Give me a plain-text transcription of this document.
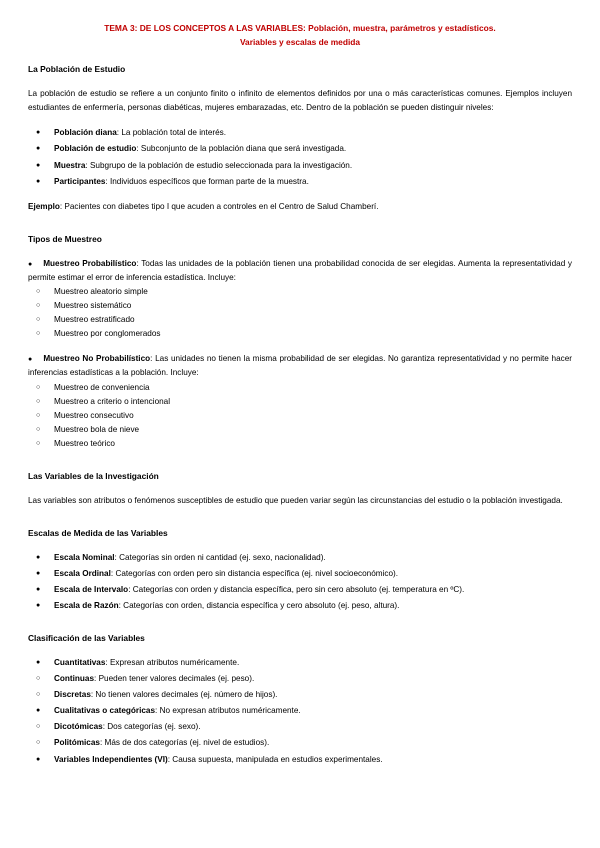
TEMA 3: DE LOS CONCEPTOS A LAS VARIABLES: Población, muestra, parámetros y estadísticos.
Variables y escalas de medida
La Población de Estudio

La población de estudio se refiere a un conjunto finito o infinito de elementos definidos por una o más características comunes. Ejemplos incluyen estudiantes de enfermería, personas diabéticas, mujeres embarazadas, etc. Dentro de la población se pueden distinguir niveles:

● Población diana: La población total de interés.
● Población de estudio: Subconjunto de la población diana que será investigada.
● Muestra: Subgrupo de la población de estudio seleccionada para la investigación.
● Participantes: Individuos específicos que forman parte de la muestra.

Ejemplo: Pacientes con diabetes tipo I que acuden a controles en el Centro de Salud Chamberí.

Tipos de Muestreo

● Muestreo Probabilístico: Todas las unidades de la población tienen una probabilidad conocida de ser elegidas. Aumenta la representatividad y permite estimar el error de inferencia estadística. Incluye:

○ Muestreo aleatorio simple
○ Muestreo sistemático
○ Muestreo estratificado
○ Muestreo por conglomerados

● Muestreo No Probabilístico: Las unidades no tienen la misma probabilidad de ser elegidas. No garantiza representatividad y no permite hacer inferencias estadísticas a la población. Incluye:

○ Muestreo de conveniencia
○ Muestreo a criterio o intencional
○ Muestreo consecutivo
○ Muestreo bola de nieve
○ Muestreo teórico
Las Variables de la Investigación

Las variables son atributos o fenómenos susceptibles de estudio que pueden variar según las circunstancias del estudio o la población investigada.

Escalas de Medida de las Variables
● Escala Nominal: Categorías sin orden ni cantidad (ej. sexo, nacionalidad).
● Escala Ordinal: Categorías con orden pero sin distancia específica (ej. nivel socioeconómico).
● Escala de Intervalo: Categorías con orden y distancia específica, pero sin cero absoluto (ej. temperatura en ºC).
● Escala de Razón: Categorías con orden, distancia específica y cero absoluto (ej. peso, altura).
Clasificación de las Variables
● Cuantitativas: Expresan atributos numéricamente.
○ Continuas: Pueden tener valores decimales (ej. peso).
○ Discretas: No tienen valores decimales (ej. número de hijos).
● Cualitativas o categóricas: No expresan atributos numéricamente.
○ Dicotómicas: Dos categorías (ej. sexo).
○ Politómicas: Más de dos categorías (ej. nivel de estudios).
● Variables Independientes (VI): Causa supuesta, manipulada en estudios experimentales.
